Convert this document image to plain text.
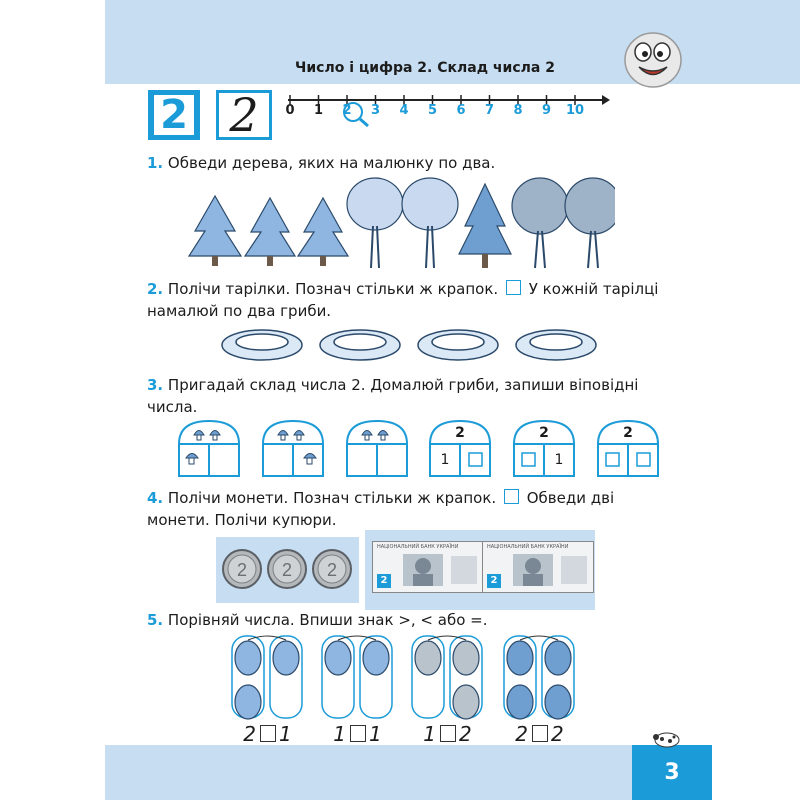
3
Число і цифра 2. Склад числа 2
2 2	0	1	2	3	4	5	6	7	8	9	10
1. Обведи дерева, яких на малюнку по два.
2. Полічи тарілки. Познач стільки ж крапок. У кожній тарілці намалюй по два гриби.
3. Пригадай склад числа 2. Домалюй гриби, запиши віповідні числа.
2
1
2
1
2
4. Полічи монети. Познач стільки ж крапок. Обведи дві монети. Полічи купюри.
2 2 2
НАЦІОНАЛЬНИЙ БАНК УКРАЇНИ
2
НАЦІОНАЛЬНИЙ БАНК УКРАЇНИ
2
5. Порівняй числа. Впиши знак >, < або =.
2 1	1 1	1 2	2 2
